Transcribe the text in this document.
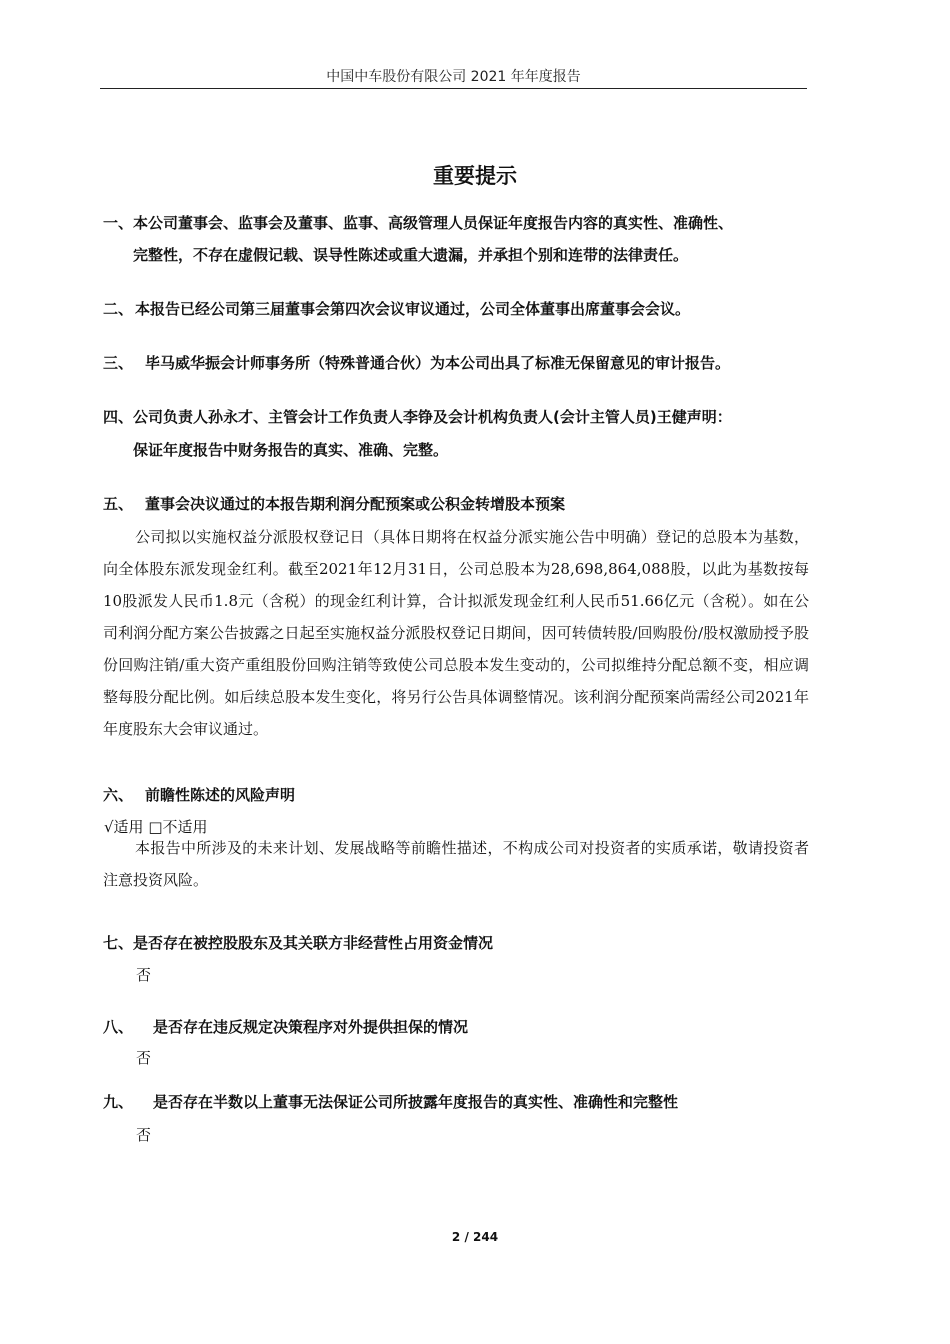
中国中车股份有限公司 2021 年年度报告
重要提示
一、本公司董事会、监事会及董事、监事、高级管理人员保证年度报告内容的真实性、准确性、
完整性，不存在虚假记载、误导性陈述或重大遗漏，并承担个别和连带的法律责任。
二、 本报告已经公司第三届董事会第四次会议审议通过，公司全体董事出席董事会会议。
三、 毕马威华振会计师事务所（特殊普通合伙）为本公司出具了标准无保留意见的审计报告。
四、公司负责人孙永才、主管会计工作负责人李铮及会计机构负责人(会计主管人员)王健声明：
保证年度报告中财务报告的真实、准确、完整。
五、 董事会决议通过的本报告期利润分配预案或公积金转增股本预案
公司拟以实施权益分派股权登记日（具体日期将在权益分派实施公告中明确）登记的总股本为基数，向全体股东派发现金红利。截至2021年12月31日，公司总股本为28,698,864,088股，以此为基数按每10股派发人民币1.8元（含税）的现金红利计算，合计拟派发现金红利人民币51.66亿元（含税）。如在公司利润分配方案公告披露之日起至实施权益分派股权登记日期间，因可转债转股/回购股份/股权激励授予股份回购注销/重大资产重组股份回购注销等致使公司总股本发生变动的，公司拟维持分配总额不变，相应调整每股分配比例。如后续总股本发生变化，将另行公告具体调整情况。该利润分配预案尚需经公司2021年年度股东大会审议通过。
六、 前瞻性陈述的风险声明
√适用 □不适用
本报告中所涉及的未来计划、发展战略等前瞻性描述，不构成公司对投资者的实质承诺，敬请投资者注意投资风险。
七、是否存在被控股股东及其关联方非经营性占用资金情况
否
八、 是否存在违反规定决策程序对外提供担保的情况
否
九、 是否存在半数以上董事无法保证公司所披露年度报告的真实性、准确性和完整性
否
2 / 244
